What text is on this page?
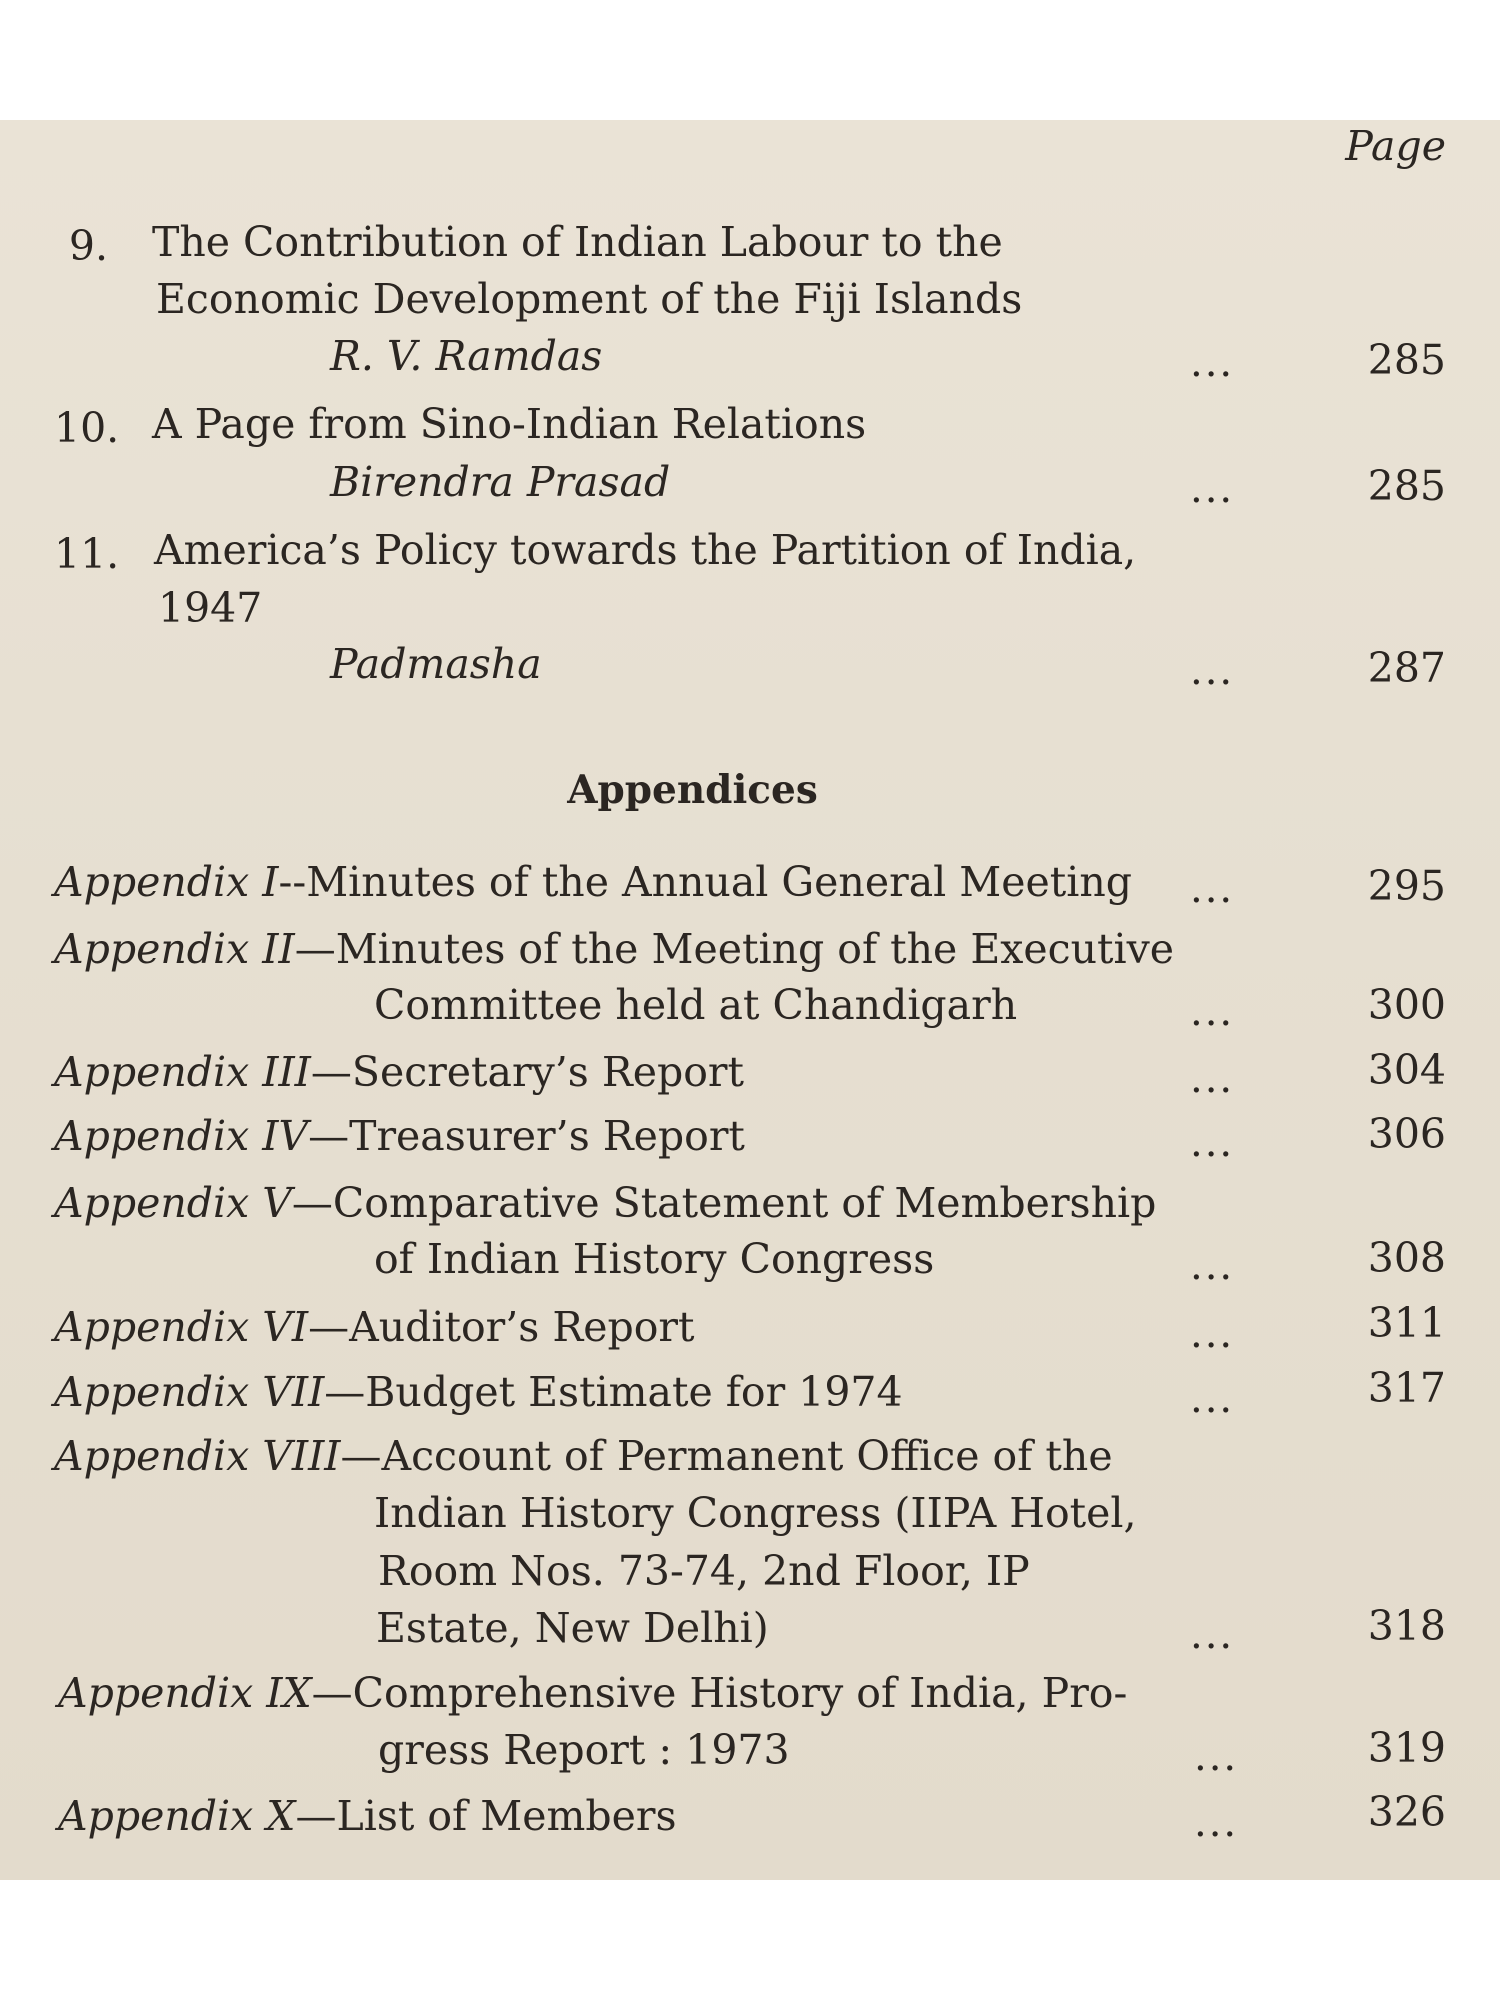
Page
9. The Contribution of Indian Labour to the
Economic Development of the Fiji Islands
R. V. Ramdas	...	285
10. A Page from Sino-Indian Relations
Birendra Prasad	...	285
11. America’s Policy towards the Partition of India,
1947
Padmasha	...	287
Appendices
Appendix I--Minutes of the Annual General Meeting ...	295
Appendix II—Minutes of the Meeting of the Executive
Committee held at Chandigarh	...	300
Appendix III—Secretary’s Report	...	304
Appendix IV—Treasurer’s Report	...	306
Appendix V—Comparative Statement of Membership
of Indian History Congress	...	308
Appendix VI—Auditor’s Report	...	311
Appendix VII—Budget Estimate for 1974	...	317
Appendix VIII—Account of Permanent Office of the
Indian History Congress (IIPA Hotel,
Room Nos. 73-74, 2nd Floor, IP
Estate, New Delhi)	...	318
Appendix IX—Comprehensive History of India, Pro-
gress Report : 1973	...	319
Appendix X—List of Members	...	326
